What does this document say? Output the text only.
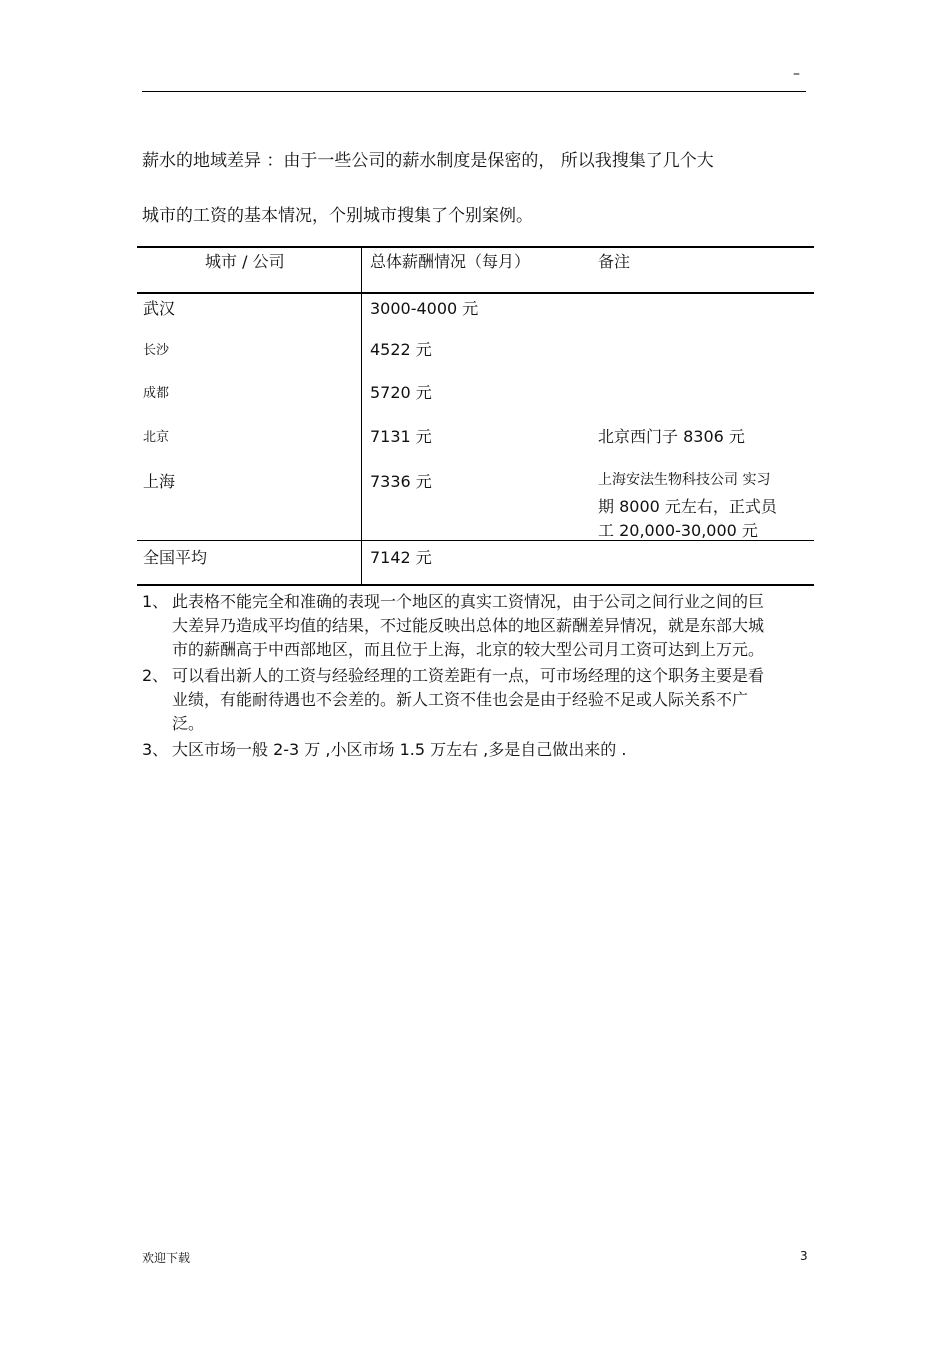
–
薪水的地域差异 ：由于一些公司的薪水制度是保密的， 所以我搜集了几个大
城市的工资的基本情况，个别城市搜集了个别案例。
城市 / 公司	总体薪酬情况（每月）	备注
武汉	3000-4000 元
长沙	4522 元
成都	5720 元
北京	7131 元	北京西门子 8306 元
上海	7336 元	上海安法生物科技公司 实习
期 8000 元左右，正式员
工 20,000-30,000 元
全国平均	7142 元
1、 此表格不能完全和准确的表现一个地区的真实工资情况，由于公司之间行业之间的巨大差异乃造成平均值的结果，不过能反映出总体的地区薪酬差异情况，就是东部大城市的薪酬高于中西部地区，而且位于上海，北京的较大型公司月工资可达到上万元。
2、 可以看出新人的工资与经验经理的工资差距有一点，可市场经理的这个职务主要是看业绩，有能耐待遇也不会差的。新人工资不佳也会是由于经验不足或人际关系不广泛。
3、 大区市场一般 2-3 万 ,小区市场 1.5 万左右 ,多是自己做出来的 .
欢迎下载	3
